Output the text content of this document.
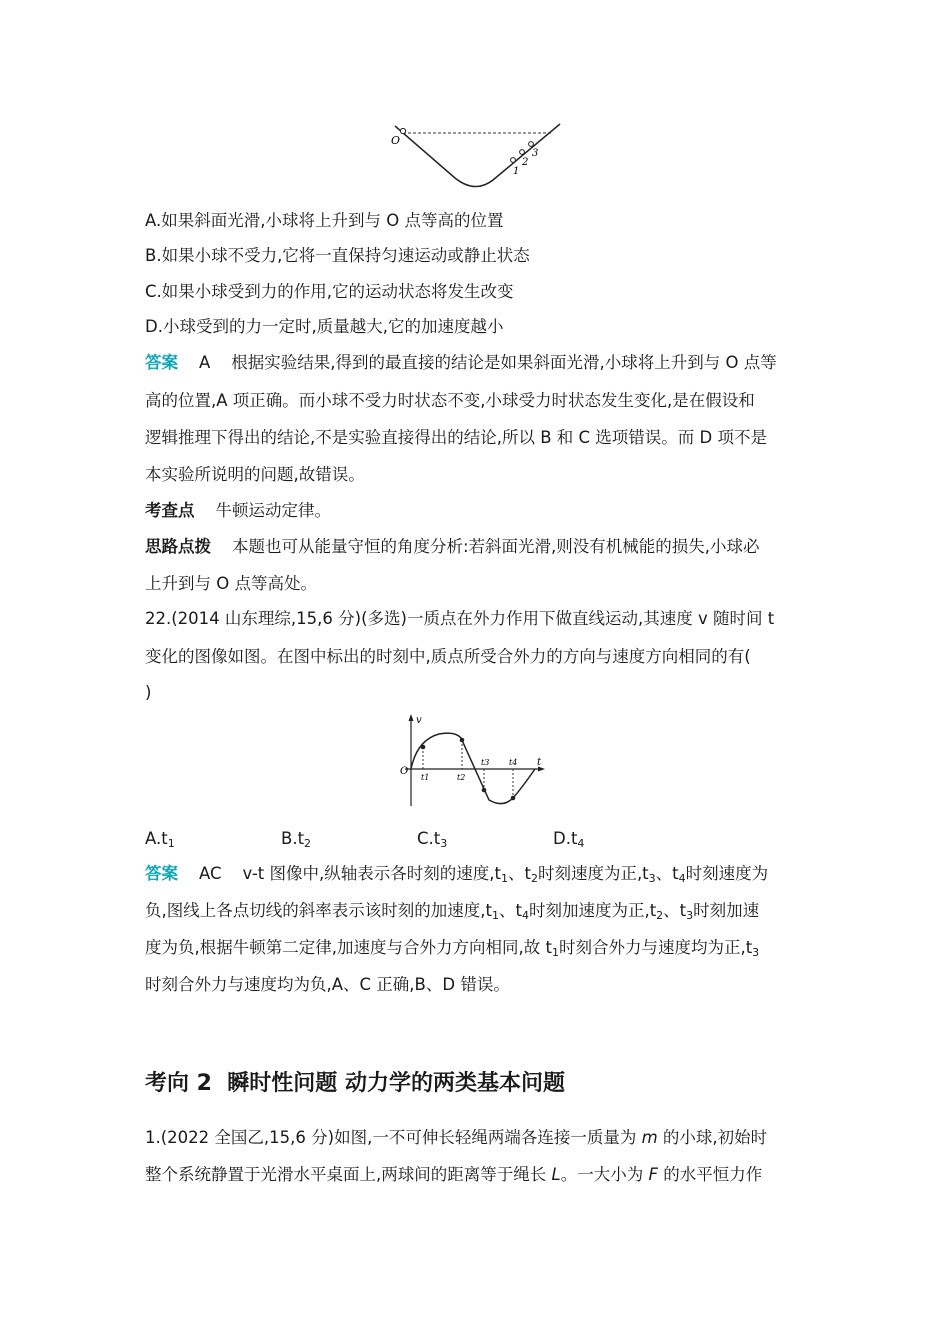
O
1
2
3
A.如果斜面光滑,小球将上升到与 O 点等高的位置
B.如果小球不受力,它将一直保持匀速运动或静止状态
C.如果小球受到力的作用,它的运动状态将发生改变
D.小球受到的力一定时,质量越大,它的加速度越小
答案 A 根据实验结果,得到的最直接的结论是如果斜面光滑,小球将上升到与 O 点等
高的位置,A 项正确。而小球不受力时状态不变,小球受力时状态发生变化,是在假设和
逻辑推理下得出的结论,不是实验直接得出的结论,所以 B 和 C 选项错误。而 D 项不是
本实验所说明的问题,故错误。
考查点 牛顿运动定律。
思路点拨 本题也可从能量守恒的角度分析:若斜面光滑,则没有机械能的损失,小球必
上升到与 O 点等高处。
22.(2014 山东理综,15,6 分)(多选)一质点在外力作用下做直线运动,其速度 v 随时间 t
变化的图像如图。在图中标出的时刻中,质点所受合外力的方向与速度方向相同的有(
)
v
t
O
t1	t2
t3 t4
$A.t_1$	$B.t_2$	$C.t_3$	$D.t_4$
答案 AC v-t 图像中,纵轴表示各时刻的速度$,t_1$、$t_2$时刻速度为正$,t_3$、$t_4$时刻速度为
负,图线上各点切线的斜率表示该时刻的加速度$,t_1$、$t_4$时刻加速度为正$,t_2$、$t_3$时刻加速
度为负,根据牛顿第二定律,加速度与合外力方向相同,故 $t_1$时刻合外力与速度均为正$,t_3$
时刻合外力与速度均为负,A、C 正确,B、D 错误。
考向 2 瞬时性问题 动力学的两类基本问题
1.(2022 全国乙,15,6 分)如图,一不可伸长轻绳两端各连接一质量为 m 的小球,初始时
整个系统静置于光滑水平桌面上,两球间的距离等于绳长 L。一大小为 F 的水平恒力作
